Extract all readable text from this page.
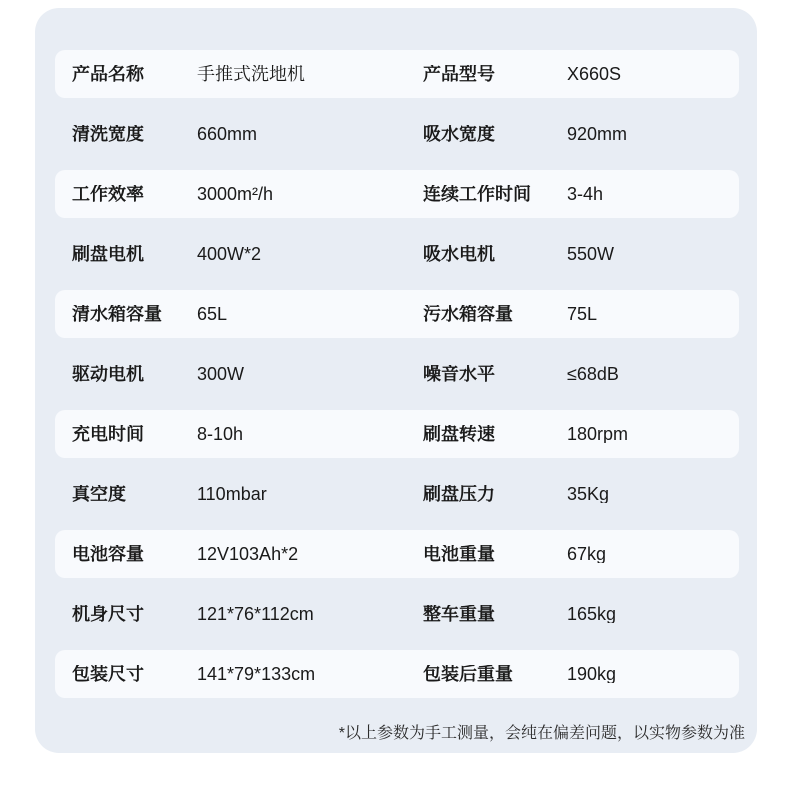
产品名称	手推式洗地机	产品型号	X660S
清洗宽度	660mm	吸水宽度	920mm
工作效率	3000m²/h	连续工作时间	3-4h
刷盘电机	400W*2	吸水电机	550W
清水箱容量	65L	污水箱容量	75L
驱动电机	300W	噪音水平	≤68dB
充电时间	8-10h	刷盘转速	180rpm
真空度	110mbar	刷盘压力	35Kg
电池容量	12V103Ah*2	电池重量	67kg
机身尺寸	121*76*112cm	整车重量	165kg
包装尺寸	141*79*133cm	包装后重量	190kg
*以上参数为手工测量，会纯在偏差问题，以实物参数为准
